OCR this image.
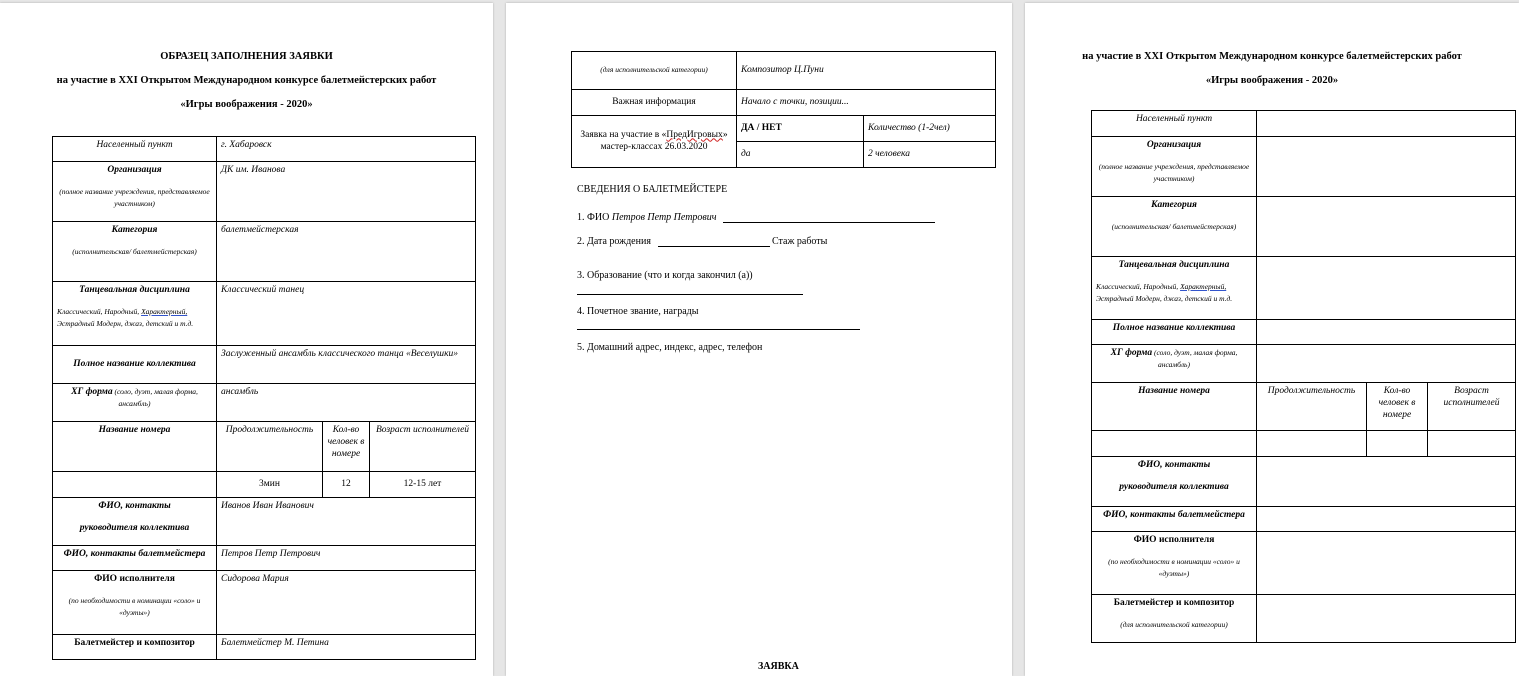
ОБРАЗЕЦ ЗАПОЛНЕНИЯ ЗАЯВКИ
на участие в XXI Открытом Международном конкурсе балетмейстерских работ
«Игры воображения - 2020»
Населенный пункт	г. Хабаровск		
Организация
(полное название учреждения, представляемое участником)	ДК им. Иванова		
Категория
(исполнительская/ балетмейстерская)	балетмейстерская		

Танцевальная дисциплина
Классический, Народный, Характерный, Эстрадный Модерн, джаз, детский и т.д.	Классический танец		
Полное название коллектива	Заслуженный ансамбль классического танца «Веселушки»		
ХГ форма (соло, дуэт, малая форма, ансамбль)	ансамбль		
Название номера	Продолжительность	Кол-во человек в номере	Возраст исполнителей
	3мин	12	12-15 лет
ФИО, контакты
руководителя коллектива	Иванов Иван Иванович		
ФИО, контакты балетмейстера	Петров Петр Петрович		
ФИО исполнителя
(по необходимости в номинации «соло» и «дуэты»)	Сидорова Мария		
Балетмейстер и композитор	Балетмейстер М. Петина		
(для исполнительской категории)	Композитор Ц.Пуни	
Важная информация	Начало с точки, позиции...	
Заявка на участие в «ПредИгровых» мастер-классах 26.03.2020	ДА / НЕТ	Количество (1-2чел)
	да	2 человека
СВЕДЕНИЯ О БАЛЕТМЕЙСТЕРЕ
1. ФИО Петров Петр Петрович
2. Дата рождения	Стаж работы
3. Образование (что и когда закончил (а))
4. Почетное звание, награды
5. Домашний адрес, индекс, адрес, телефон
ЗАЯВКА
на участие в XXI Открытом Международном конкурсе балетмейстерских работ
«Игры воображения - 2020»
Населенный пункт			
Организация
(полное название учреждения, представляемое участником)			
Категория
(исполнительская/ балетмейстерская)			

Танцевальная дисциплина
Классический, Народный, Характерный, Эстрадный Модерн, джаз, детский и т.д.			
Полное название коллектива			
ХГ форма (соло, дуэт, малая форма, ансамбль)			
Название номера	Продолжительность	Кол-во человек в номере	Возраст исполнителей

ФИО, контакты
руководителя коллектива			
ФИО, контакты балетмейстера			
ФИО исполнителя
(по необходимости в номинации «соло» и «дуэты»)			
Балетмейстер и композитор
(для исполнительской категории)			
